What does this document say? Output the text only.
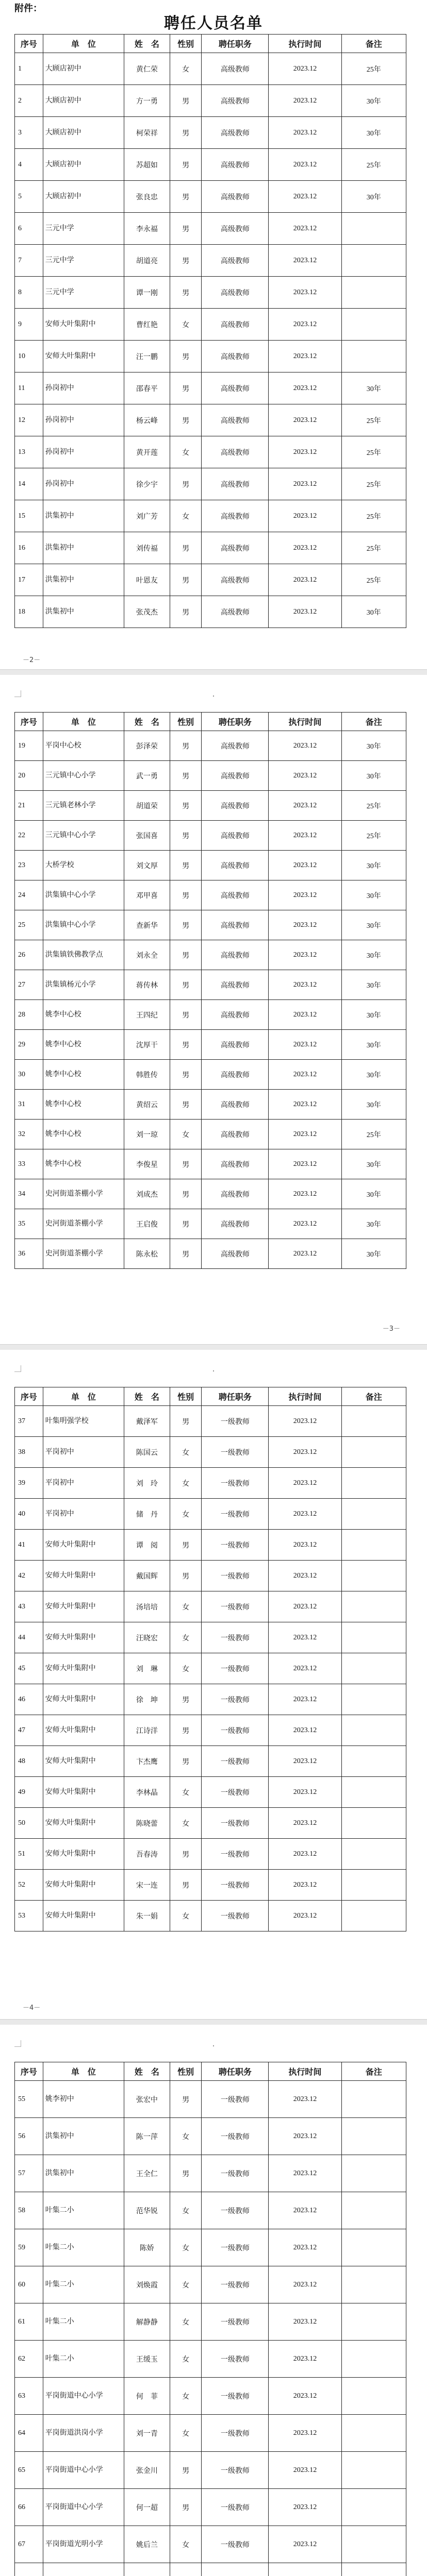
附件：
聘任人员名单
序号	单　位	姓　名	性别	聘任职务	执行时间	备注
1	大顾店初中	黄仁荣	女	高级教师	2023.12	25年
2	大顾店初中	方一勇	男	高级教师	2023.12	30年
3	大顾店初中	柯荣祥	男	高级教师	2023.12	30年
4	大顾店初中	苏超如	男	高级教师	2023.12	25年
5	大顾店初中	张良忠	男	高级教师	2023.12	30年
6	三元中学	李永福	男	高级教师	2023.12	
7	三元中学	胡道亮	男	高级教师	2023.12	
8	三元中学	谭一刚	男	高级教师	2023.12	
9	安师大叶集附中	曹红艳	女	高级教师	2023.12	
10	安师大叶集附中	汪一鹏	男	高级教师	2023.12	
11	孙岗初中	邵春平	男	高级教师	2023.12	30年
12	孙岗初中	杨云峰	男	高级教师	2023.12	25年
13	孙岗初中	黄开莲	女	高级教师	2023.12	25年
14	孙岗初中	徐少宇	男	高级教师	2023.12	25年
15	洪集初中	刘广芳	女	高级教师	2023.12	25年
16	洪集初中	刘传福	男	高级教师	2023.12	25年
17	洪集初中	叶恩友	男	高级教师	2023.12	25年
18	洪集初中	张茂杰	男	高级教师	2023.12	30年
－2－
序号	单　位	姓　名	性别	聘任职务	执行时间	备注
19	平岗中心校	彭泽荣	男	高级教师	2023.12	30年
20	三元镇中心小学	武一勇	男	高级教师	2023.12	30年
21	三元镇老林小学	胡道荣	男	高级教师	2023.12	25年
22	三元镇中心小学	张国喜	男	高级教师	2023.12	25年
23	大桥学校	刘文厚	男	高级教师	2023.12	30年
24	洪集镇中心小学	邓甲喜	男	高级教师	2023.12	30年
25	洪集镇中心小学	查新华	男	高级教师	2023.12	30年
26	洪集镇铁佛教学点	刘永全	男	高级教师	2023.12	30年
27	洪集镇杨元小学	蒋传林	男	高级教师	2023.12	30年
28	姚李中心校	王四纪	男	高级教师	2023.12	30年
29	姚李中心校	沈厚干	男	高级教师	2023.12	30年
30	姚李中心校	韩胜传	男	高级教师	2023.12	30年
31	姚李中心校	黄绍云	男	高级教师	2023.12	30年
32	姚李中心校	刘一琼	女	高级教师	2023.12	25年
33	姚李中心校	李俊星	男	高级教师	2023.12	30年
34	史河街道茶棚小学	刘成杰	男	高级教师	2023.12	30年
35	史河街道茶棚小学	王启俊	男	高级教师	2023.12	30年
36	史河街道茶棚小学	陈永松	男	高级教师	2023.12	30年
－3－
序号	单　位	姓　名	性别	聘任职务	执行时间	备注
37	叶集明强学校	戴泽军	男	一级教师	2023.12	
38	平岗初中	陈国云	女	一级教师	2023.12	
39	平岗初中	刘　玲	女	一级教师	2023.12	
40	平岗初中	储　丹	女	一级教师	2023.12	
41	安师大叶集附中	谭　阅	男	一级教师	2023.12	
42	安师大叶集附中	戴国辉	男	一级教师	2023.12	
43	安师大叶集附中	汤培培	女	一级教师	2023.12	
44	安师大叶集附中	汪晓宏	女	一级教师	2023.12	
45	安师大叶集附中	刘　琳	女	一级教师	2023.12	
46	安师大叶集附中	徐　坤	男	一级教师	2023.12	
47	安师大叶集附中	江诗洋	男	一级教师	2023.12	
48	安师大叶集附中	卞杰鹰	男	一级教师	2023.12	
49	安师大叶集附中	李林晶	女	一级教师	2023.12	
50	安师大叶集附中	陈晓蕾	女	一级教师	2023.12	
51	安师大叶集附中	吾春涛	男	一级教师	2023.12	
52	安师大叶集附中	宋一连	男	一级教师	2023.12	
53	安师大叶集附中	朱一娟	女	一级教师	2023.12	
－4－
序号	单　位	姓　名	性别	聘任职务	执行时间	备注
55	姚李初中	张宏中	男	一级教师	2023.12	
56	洪集初中	陈一萍	女	一级教师	2023.12	
57	洪集初中	王全仁	男	一级教师	2023.12	
58	叶集二小	范华锐	女	一级教师	2023.12	
59	叶集二小	陈娇	女	一级教师	2023.12	
60	叶集二小	刘焕霞	女	一级教师	2023.12	
61	叶集二小	解静静	女	一级教师	2023.12	
62	叶集二小	王缓玉	女	一级教师	2023.12	
63	平岗街道中心小学	何　菲	女	一级教师	2023.12	
64	平岗街道洪岗小学	刘一青	女	一级教师	2023.12	
65	平岗街道中心小学	张金川	男	一级教师	2023.12	
66	平岗街道中心小学	何一超	男	一级教师	2023.12	
67	平岗街道光明小学	姚后兰	女	一级教师	2023.12	
